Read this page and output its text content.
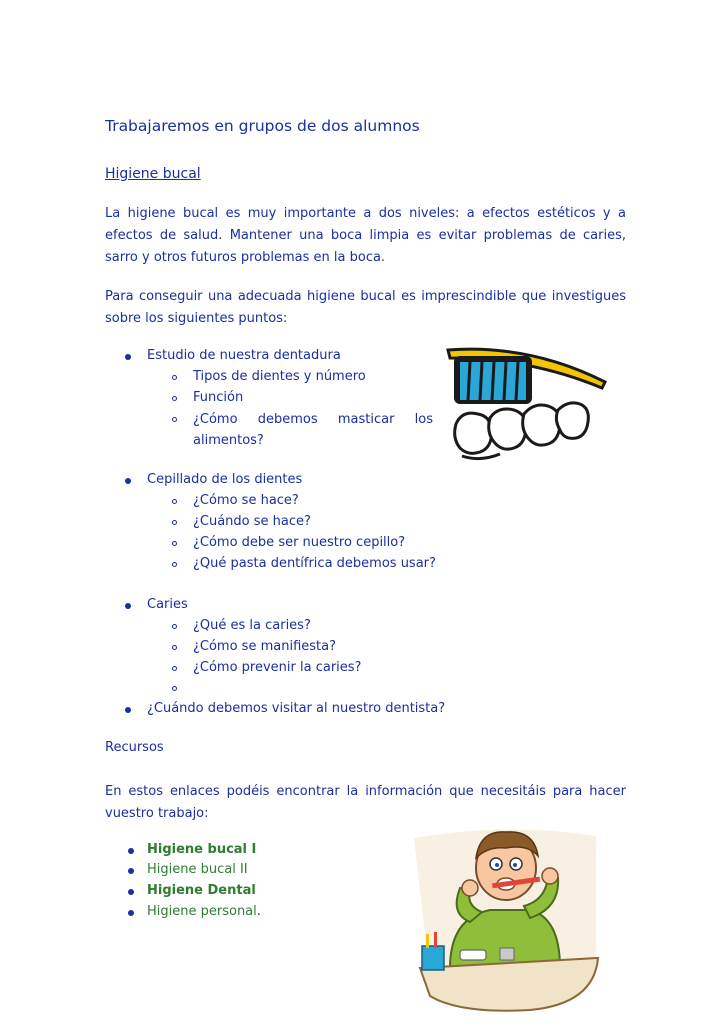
Trabajaremos en grupos de dos alumnos
Higiene bucal
La higiene bucal es muy importante a dos niveles: a efectos estéticos y a efectos de salud. Mantener una boca limpia es evitar problemas de caries, sarro y otros futuros problemas en la boca.
Para conseguir una adecuada higiene bucal es imprescindible que investigues sobre los siguientes puntos:
Estudio de nuestra dentadura
Tipos de dientes y número
Función
¿Cómo debemos masticar los alimentos?
Cepillado de los dientes
¿Cómo se hace?
¿Cuándo se hace?
¿Cómo debe ser nuestro cepillo?
¿Qué pasta dentífrica debemos usar?
Caries
¿Qué es la caries?
¿Cómo se manifiesta?
¿Cómo prevenir la caries?
¿Cuándo debemos visitar al nuestro dentista?
Recursos
En estos enlaces podéis encontrar la información que necesitáis para hacer vuestro trabajo:
Higiene bucal I
Higiene bucal II
Higiene Dental
Higiene personal.
